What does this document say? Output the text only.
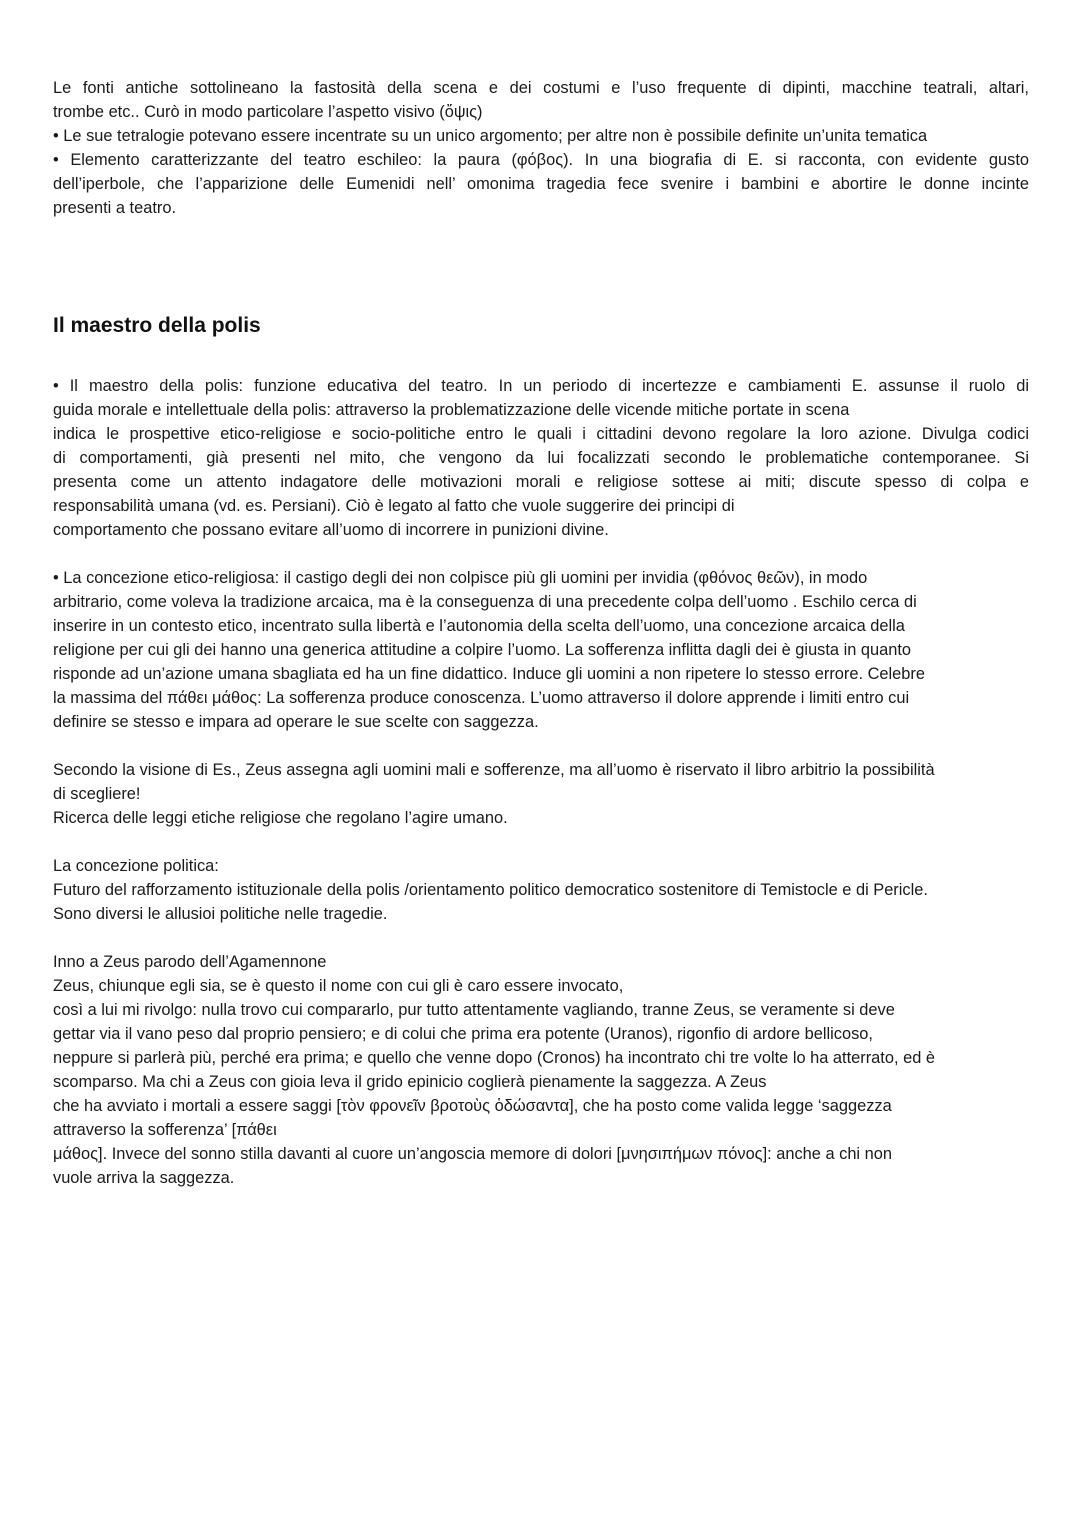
Le fonti antiche sottolineano la fastosità della scena e dei costumi e l’uso frequente di dipinti, macchine teatrali, altari,
trombe etc.. Curò in modo particolare l’aspetto visivo (ὄψις)
• Le sue tetralogie potevano essere incentrate su un unico argomento; per altre non è possibile definite un’unita tematica
• Elemento caratterizzante del teatro eschileo: la paura (φόβος). In una biografia di E. si racconta, con evidente gusto
dell’iperbole, che l’apparizione delle Eumenidi nell’ omonima tragedia fece svenire i bambini e abortire le donne incinte
presenti a teatro.

Il maestro della polis

• Il maestro della polis: funzione educativa del teatro. In un periodo di incertezze e cambiamenti E. assunse il ruolo di
guida morale e intellettuale della polis: attraverso la problematizzazione delle vicende mitiche portate in scena
indica le prospettive etico-religiose e socio-politiche entro le quali i cittadini devono regolare la loro azione. Divulga codici
di comportamenti, già presenti nel mito, che vengono da lui focalizzati secondo le problematiche contemporanee. Si
presenta come un attento indagatore delle motivazioni morali e religiose sottese ai miti; discute spesso di colpa e
responsabilità umana (vd. es. Persiani). Ciò è legato al fatto che vuole suggerire dei principi di
comportamento che possano evitare all’uomo di incorrere in punizioni divine.

• La concezione etico-religiosa: il castigo degli dei non colpisce più gli uomini per invidia (φθόνος θεῶν), in modo
arbitrario, come voleva la tradizione arcaica, ma è la conseguenza di una precedente colpa dell’uomo . Eschilo cerca di
inserire in un contesto etico, incentrato sulla libertà e l’autonomia della scelta dell’uomo, una concezione arcaica della
religione per cui gli dei hanno una generica attitudine a colpire l’uomo. La sofferenza inflitta dagli dei è giusta in quanto
risponde ad un’azione umana sbagliata ed ha un fine didattico. Induce gli uomini a non ripetere lo stesso errore. Celebre
la massima del πάθει μάθος: La sofferenza produce conoscenza. L’uomo attraverso il dolore apprende i limiti entro cui
definire se stesso e impara ad operare le sue scelte con saggezza.

Secondo la visione di Es., Zeus assegna agli uomini mali e sofferenze, ma all’uomo è riservato il libro arbitrio la possibilità
di scegliere!
Ricerca delle leggi etiche religiose che regolano l’agire umano.

La concezione politica:
Futuro del rafforzamento istituzionale della polis /orientamento politico democratico sostenitore di Temistocle e di Pericle.
Sono diversi le allusioi politiche nelle tragedie.

Inno a Zeus parodo dell’Agamennone
Zeus, chiunque egli sia, se è questo il nome con cui gli è caro essere invocato,
così a lui mi rivolgo: nulla trovo cui compararlo, pur tutto attentamente vagliando, tranne Zeus, se veramente si deve
gettar via il vano peso dal proprio pensiero; e di colui che prima era potente (Uranos), rigonfio di ardore bellicoso,
neppure si parlerà più, perché era prima; e quello che venne dopo (Cronos) ha incontrato chi tre volte lo ha atterrato, ed è
scomparso. Ma chi a Zeus con gioia leva il grido epinicio coglierà pienamente la saggezza. A Zeus
che ha avviato i mortali a essere saggi [τὸν φρονεῖν βροτοὺς ὁδώσαντα], che ha posto come valida legge ‘saggezza
attraverso la sofferenza’ [πάθει
μάθος]. Invece del sonno stilla davanti al cuore un’angoscia memore di dolori [μνησιπήμων πόνος]: anche a chi non
vuole arriva la saggezza.
